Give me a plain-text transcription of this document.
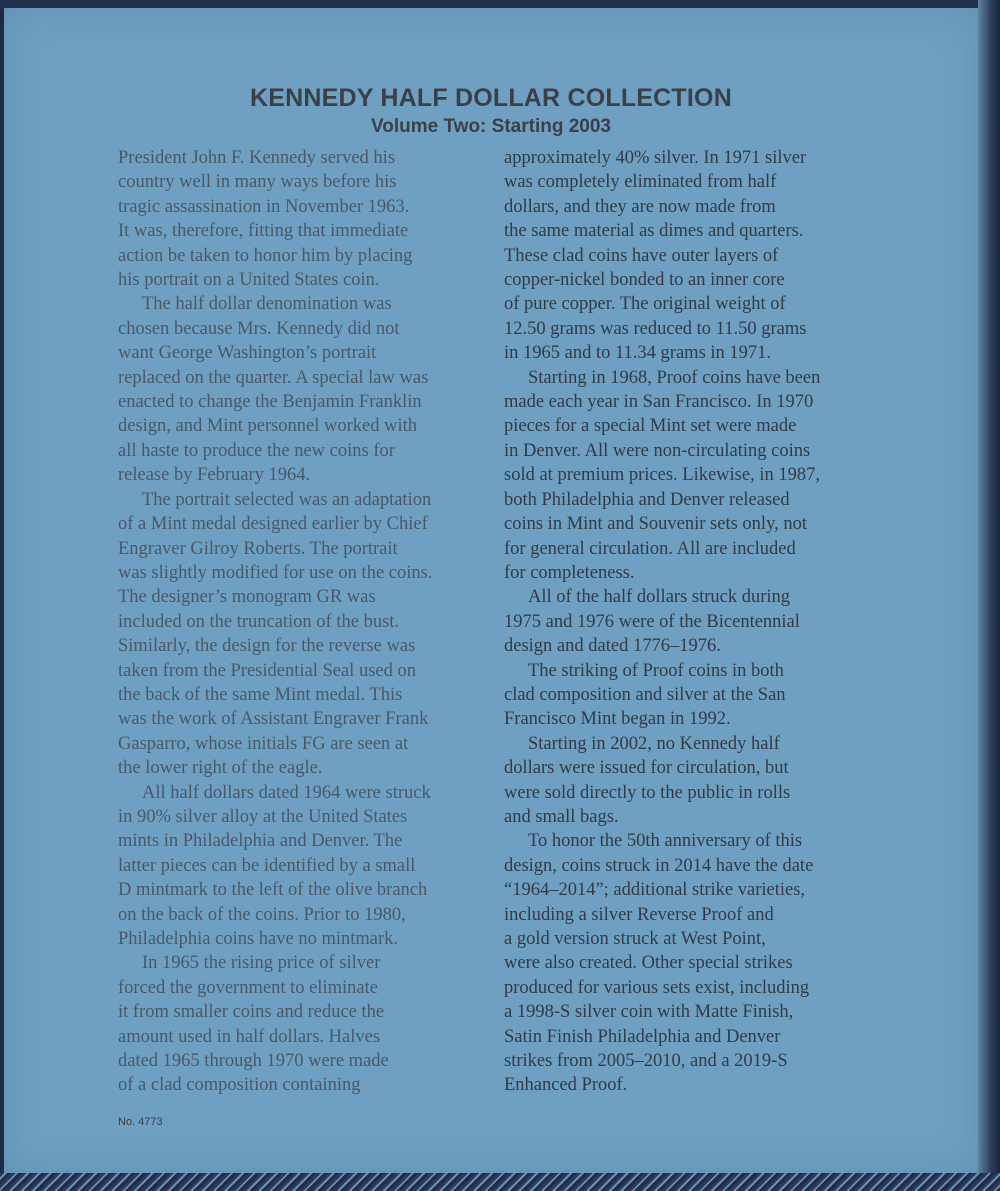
KENNEDY HALF DOLLAR COLLECTION
Volume Two: Starting 2003

President John F. Kennedy served his
country well in many ways before his
tragic assassination in November 1963.
It was, therefore, fitting that immediate
action be taken to honor him by placing
his portrait on a United States coin.

The half dollar denomination was
chosen because Mrs. Kennedy did not
want George Washington’s portrait
replaced on the quarter. A special law was
enacted to change the Benjamin Franklin
design, and Mint personnel worked with
all haste to produce the new coins for
release by February 1964.

The portrait selected was an adaptation
of a Mint medal designed earlier by Chief
Engraver Gilroy Roberts. The portrait
was slightly modified for use on the coins.
The designer’s monogram GR was
included on the truncation of the bust.
Similarly, the design for the reverse was
taken from the Presidential Seal used on
the back of the same Mint medal. This
was the work of Assistant Engraver Frank
Gasparro, whose initials FG are seen at
the lower right of the eagle.

All half dollars dated 1964 were struck
in 90% silver alloy at the United States
mints in Philadelphia and Denver. The
latter pieces can be identified by a small
D mintmark to the left of the olive branch
on the back of the coins. Prior to 1980,
Philadelphia coins have no mintmark.

In 1965 the rising price of silver
forced the government to eliminate
it from smaller coins and reduce the
amount used in half dollars. Halves
dated 1965 through 1970 were made
of a clad composition containing

approximately 40% silver. In 1971 silver
was completely eliminated from half
dollars, and they are now made from
the same material as dimes and quarters.
These clad coins have outer layers of
copper-nickel bonded to an inner core
of pure copper. The original weight of
12.50 grams was reduced to 11.50 grams
in 1965 and to 11.34 grams in 1971.

Starting in 1968, Proof coins have been
made each year in San Francisco. In 1970
pieces for a special Mint set were made
in Denver. All were non-circulating coins
sold at premium prices. Likewise, in 1987,
both Philadelphia and Denver released
coins in Mint and Souvenir sets only, not
for general circulation. All are included
for completeness.

All of the half dollars struck during
1975 and 1976 were of the Bicentennial
design and dated 1776–1976.

The striking of Proof coins in both
clad composition and silver at the San
Francisco Mint began in 1992.

Starting in 2002, no Kennedy half
dollars were issued for circulation, but
were sold directly to the public in rolls
and small bags.

To honor the 50th anniversary of this
design, coins struck in 2014 have the date
“1964–2014”; additional strike varieties,
including a silver Reverse Proof and
a gold version struck at West Point,
were also created. Other special strikes
produced for various sets exist, including
a 1998-S silver coin with Matte Finish,
Satin Finish Philadelphia and Denver
strikes from 2005–2010, and a 2019-S
Enhanced Proof.

No. 4773
